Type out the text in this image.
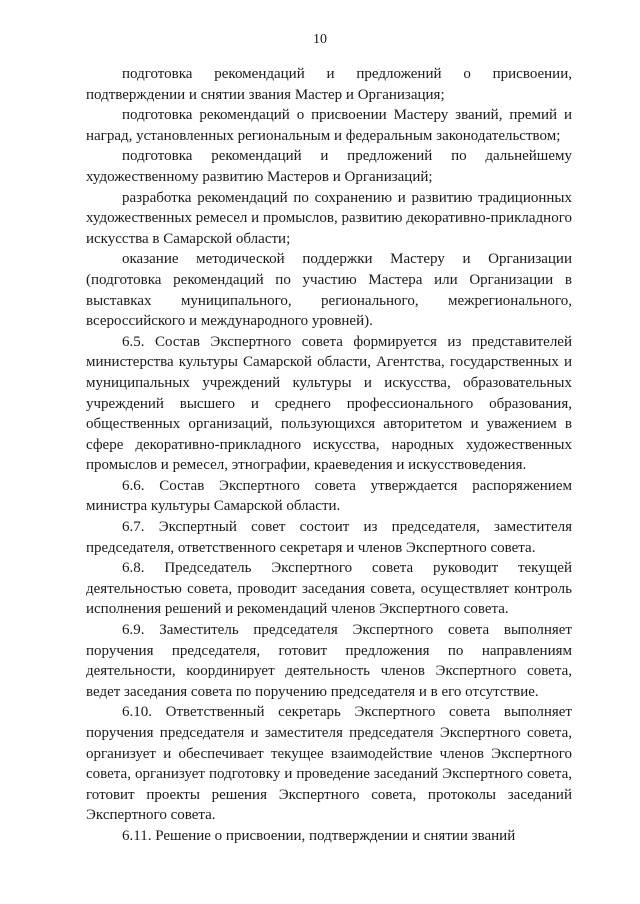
10

подготовка рекомендаций и предложений о присвоении, подтверждении и снятии звания Мастер и Организация;

подготовка рекомендаций о присвоении Мастеру званий, премий и наград, установленных региональным и федеральным законодательством;

подготовка рекомендаций и предложений по дальнейшему художественному развитию Мастеров и Организаций;

разработка рекомендаций по сохранению и развитию традиционных художественных ремесел и промыслов, развитию декоративно-прикладного искусства в Самарской области;

оказание методической поддержки Мастеру и Организации (подготовка рекомендаций по участию Мастера или Организации в выставках муниципального, регионального, межрегионального, всероссийского и международного уровней).

6.5. Состав Экспертного совета формируется из представителей министерства культуры Самарской области, Агентства, государственных и муниципальных учреждений культуры и искусства, образовательных учреждений высшего и среднего профессионального образования, общественных организаций, пользующихся авторитетом и уважением в сфере декоративно-прикладного искусства, народных художественных промыслов и ремесел, этнографии, краеведения и искусствоведения.

6.6. Состав Экспертного совета утверждается распоряжением министра культуры Самарской области.

6.7. Экспертный совет состоит из председателя, заместителя председателя, ответственного секретаря и членов Экспертного совета.

6.8. Председатель Экспертного совета руководит текущей деятельностью совета, проводит заседания совета, осуществляет контроль исполнения решений и рекомендаций членов Экспертного совета.

6.9. Заместитель председателя Экспертного совета выполняет поручения председателя, готовит предложения по направлениям деятельности, координирует деятельность членов Экспертного совета, ведет заседания совета по поручению председателя и в его отсутствие.

6.10. Ответственный секретарь Экспертного совета выполняет поручения председателя и заместителя председателя Экспертного совета, организует и обеспечивает текущее взаимодействие членов Экспертного совета, организует подготовку и проведение заседаний Экспертного совета, готовит проекты решения Экспертного совета, протоколы заседаний Экспертного совета.

6.11. Решение о присвоении, подтверждении и снятии званий
